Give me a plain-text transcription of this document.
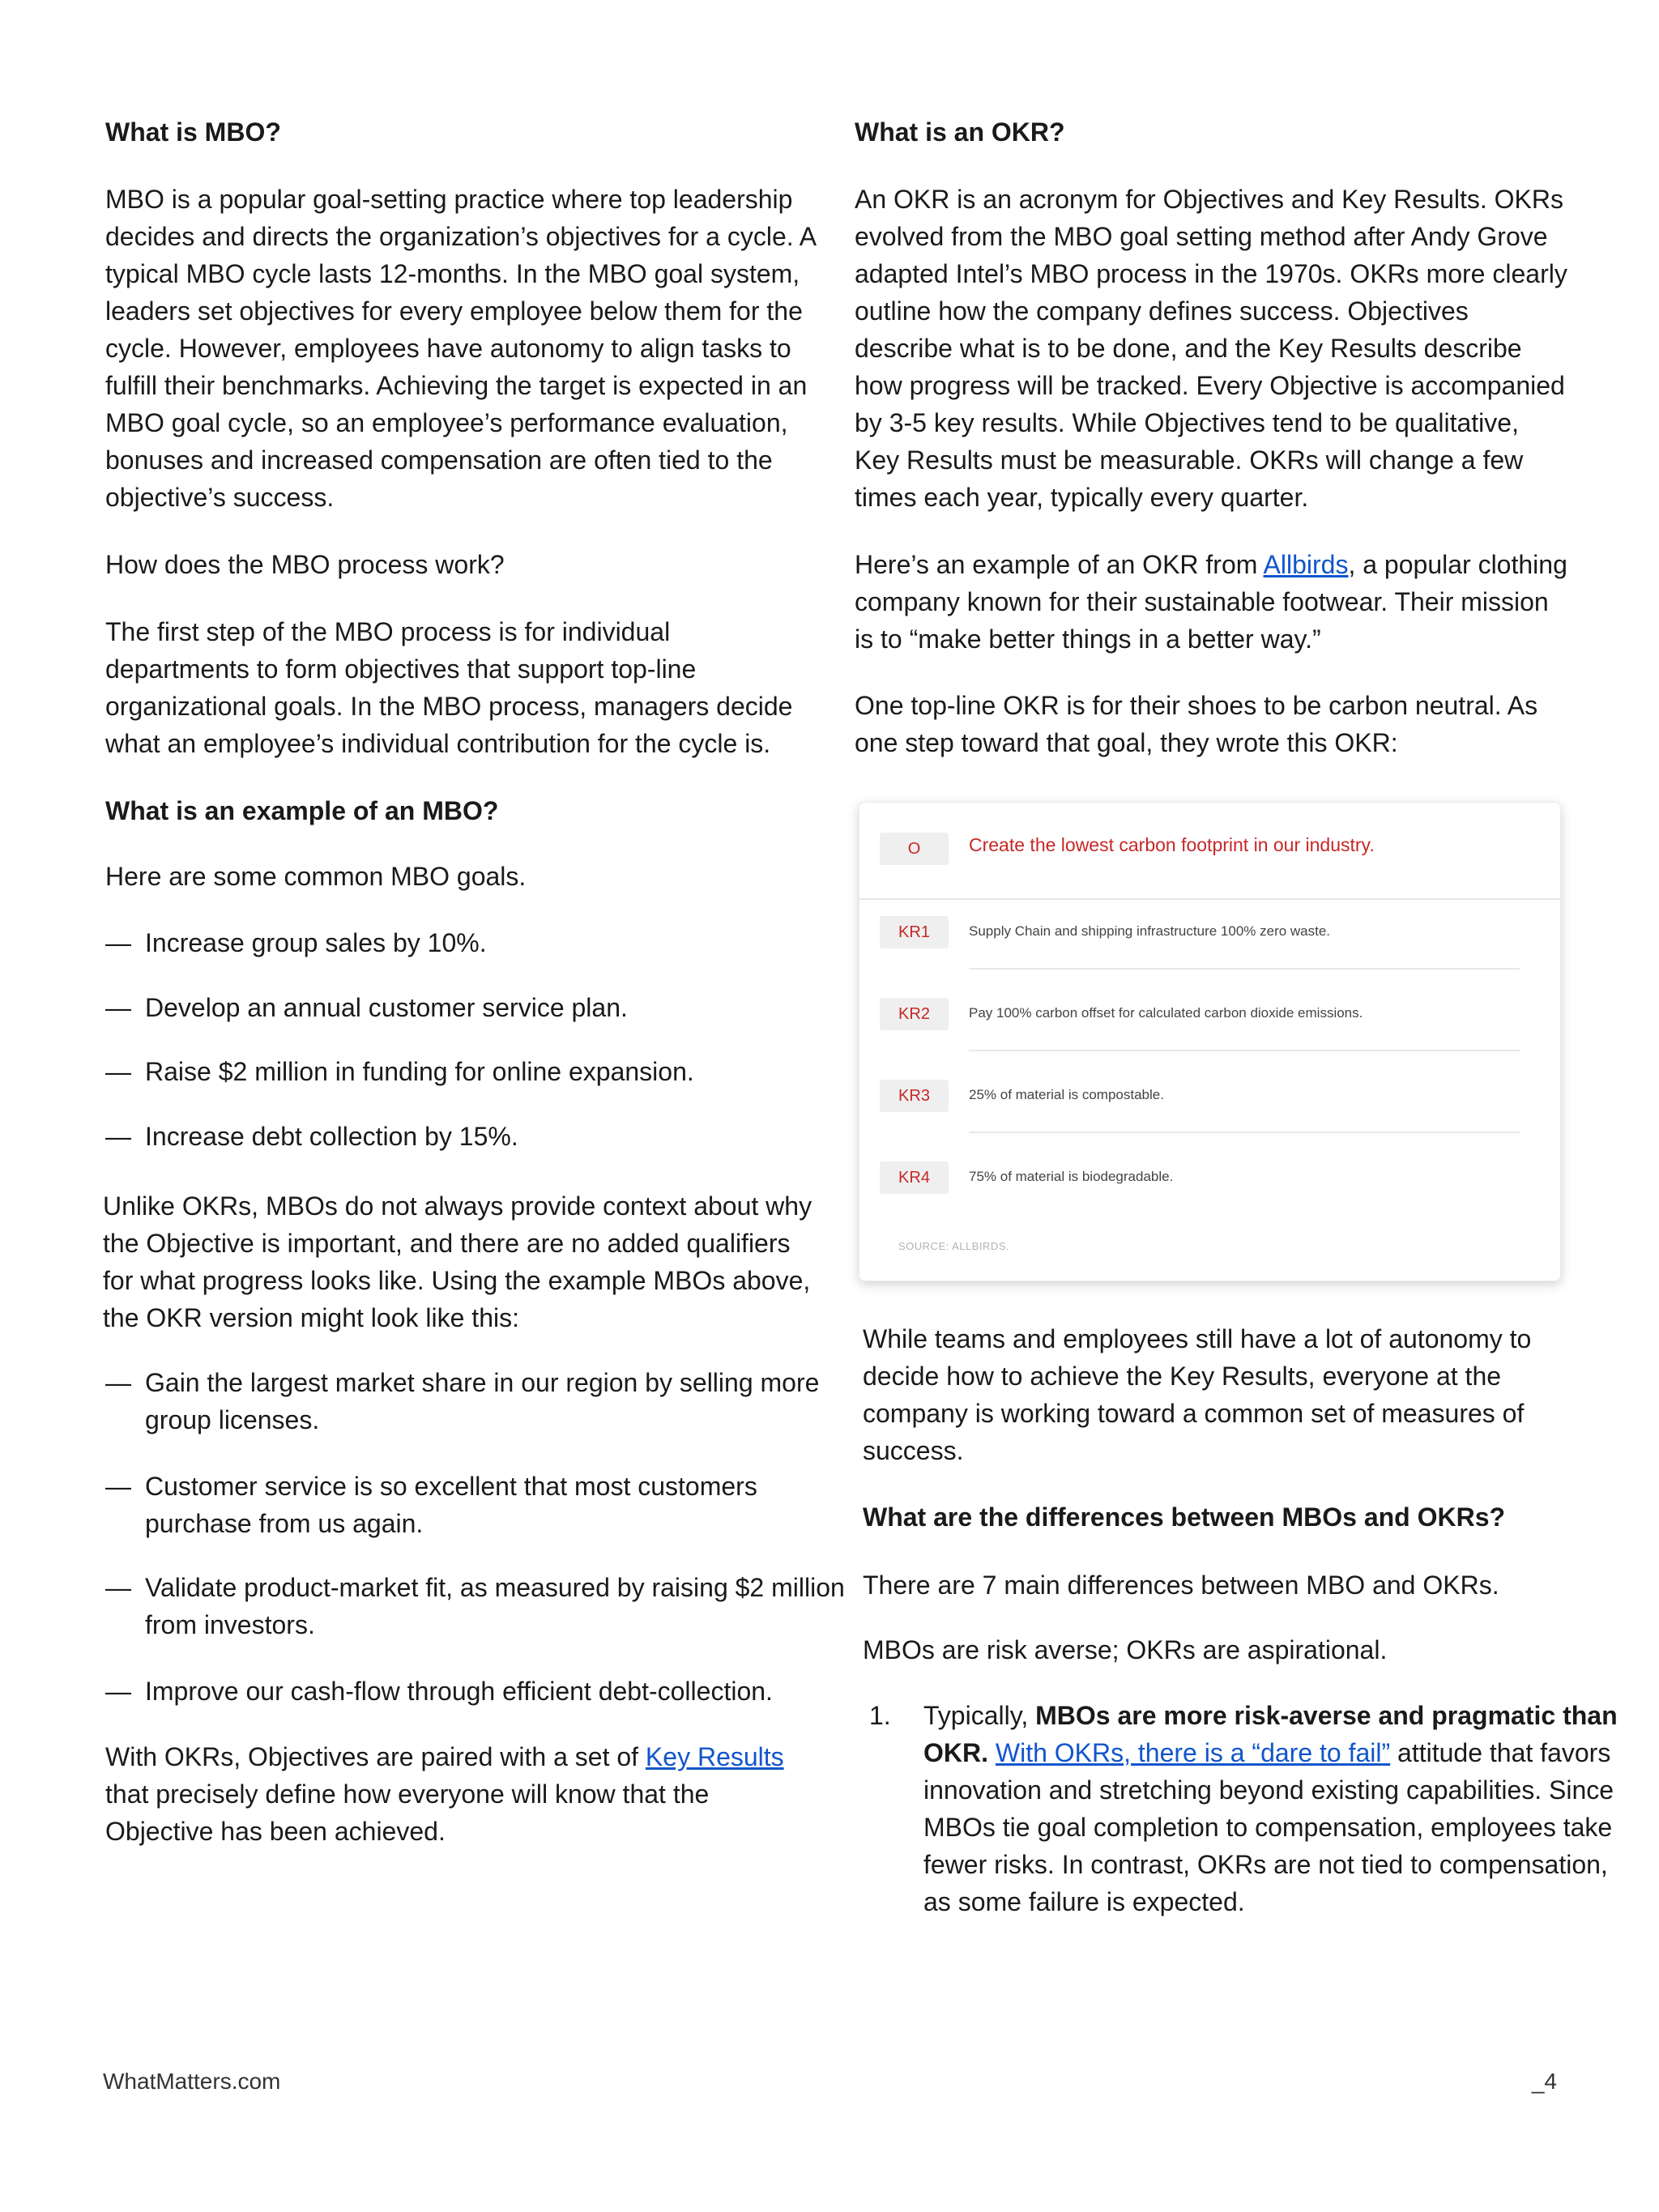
What is MBO?

MBO is a popular goal-setting practice where top leadership decides and directs the organization’s objectives for a cycle. A typical MBO cycle lasts 12-months. In the MBO goal system, leaders set objectives for every employee below them for the cycle. However, employees have autonomy to align tasks to fulfill their benchmarks. Achieving the target is expected in an MBO goal cycle, so an employee’s performance evaluation, bonuses and increased compensation are often tied to the objective’s success.

How does the MBO process work?

The first step of the MBO process is for individual departments to form objectives that support top-line organizational goals. In the MBO process, managers decide what an employee’s individual contribution for the cycle is.

What is an example of an MBO?

Here are some common MBO goals.

— Increase group sales by 10%.

— Develop an annual customer service plan.

— Raise $2 million in funding for online expansion.

— Increase debt collection by 15%.

Unlike OKRs, MBOs do not always provide context about why the Objective is important, and there are no added qualifiers for what progress looks like. Using the example MBOs above, the OKR version might look like this:

— Gain the largest market share in our region by selling more group licenses.

— Customer service is so excellent that most customers purchase from us again.

— Validate product-market fit, as measured by raising $2 million from investors.

— Improve our cash-flow through efficient debt-collection.

With OKRs, Objectives are paired with a set of Key Results that precisely define how everyone will know that the Objective has been achieved.

What is an OKR?

An OKR is an acronym for Objectives and Key Results. OKRs evolved from the MBO goal setting method after Andy Grove adapted Intel’s MBO process in the 1970s. OKRs more clearly outline how the company defines success. Objectives describe what is to be done, and the Key Results describe how progress will be tracked. Every Objective is accompanied by 3-5 key results. While Objectives tend to be qualitative, Key Results must be measurable. OKRs will change a few times each year, typically every quarter.

Here’s an example of an OKR from Allbirds, a popular clothing company known for their sustainable footwear. Their mission is to “make better things in a better way.”

One top-line OKR is for their shoes to be carbon neutral. As one step toward that goal, they wrote this OKR:

While teams and employees still have a lot of autonomy to decide how to achieve the Key Results, everyone at the company is working toward a common set of measures of success.

What are the differences between MBOs and OKRs?

There are 7 main differences between MBO and OKRs.

MBOs are risk averse; OKRs are aspirational.

1. Typically, MBOs are more risk-averse and pragmatic than OKR. With OKRs, there is a “dare to fail” attitude that favors innovation and stretching beyond existing capabilities. Since MBOs tie goal completion to compensation, employees take fewer risks. In contrast, OKRs are not tied to compensation, as some failure is expected.

O	Create the lowest carbon footprint in our industry.
KR1	Supply Chain and shipping infrastructure 100% zero waste.
KR2	Pay 100% carbon offset for calculated carbon dioxide emissions.
KR3	25% of material is compostable.
KR4	75% of material is biodegradable.
SOURCE: ALLBIRDS.
WhatMatters.com	_4
